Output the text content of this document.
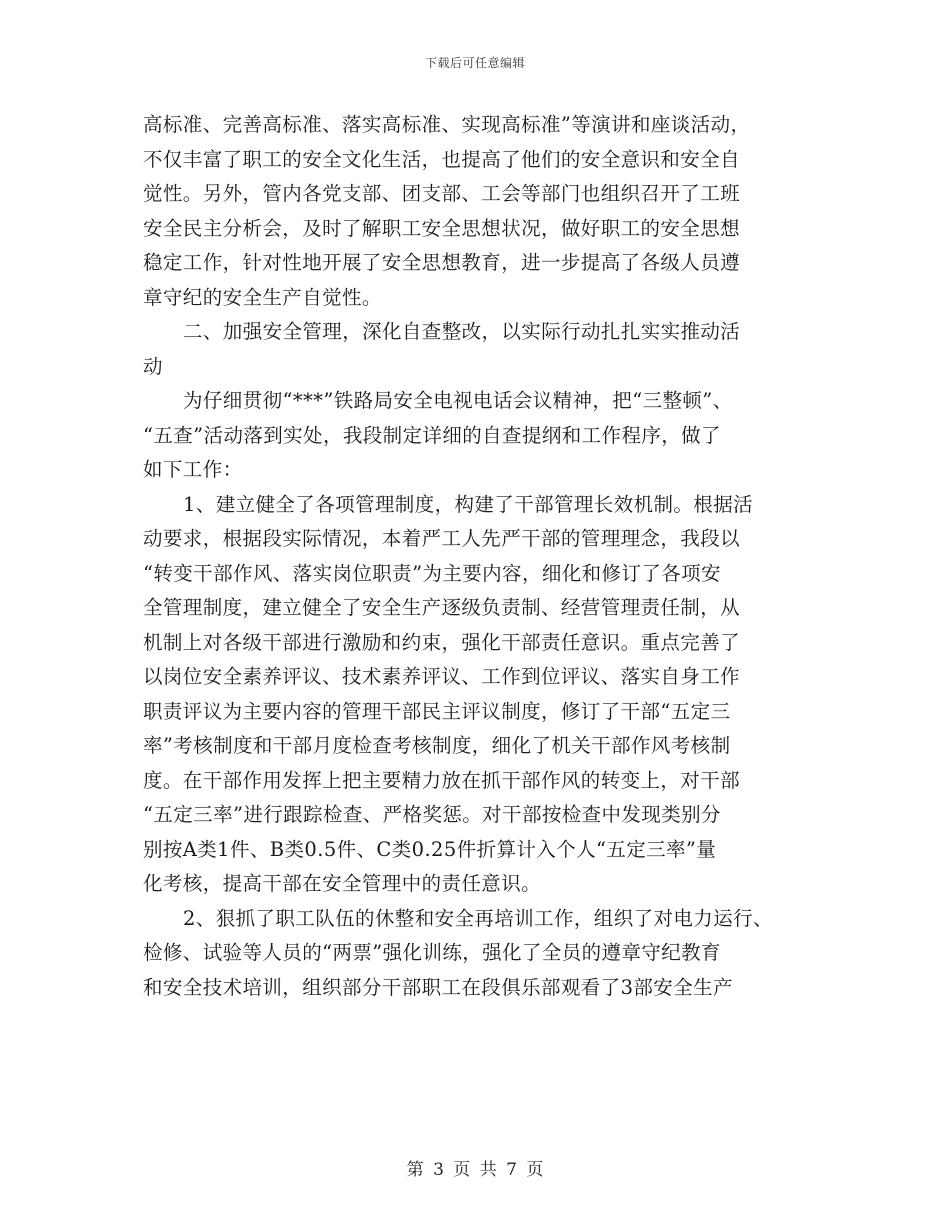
下载后可任意编辑
高标准、完善高标准、落实高标准、实现高标准”等演讲和座谈活动，
不仅丰富了职工的安全文化生活，也提高了他们的安全意识和安全自
觉性。另外，管内各党支部、团支部、工会等部门也组织召开了工班
安全民主分析会，及时了解职工安全思想状况，做好职工的安全思想
稳定工作，针对性地开展了安全思想教育，进一步提高了各级人员遵
章守纪的安全生产自觉性。
二、加强安全管理，深化自查整改，以实际行动扎扎实实推动活
动
为仔细贯彻“***”铁路局安全电视电话会议精神，把“三整顿”、
“五查”活动落到实处，我段制定详细的自查提纲和工作程序，做了
如下工作：
1、建立健全了各项管理制度，构建了干部管理长效机制。根据活
动要求，根据段实际情况，本着严工人先严干部的管理理念，我段以
“转变干部作风、落实岗位职责”为主要内容，细化和修订了各项安
全管理制度，建立健全了安全生产逐级负责制、经营管理责任制，从
机制上对各级干部进行激励和约束，强化干部责任意识。重点完善了
以岗位安全素养评议、技术素养评议、工作到位评议、落实自身工作
职责评议为主要内容的管理干部民主评议制度，修订了干部“五定三
率”考核制度和干部月度检查考核制度，细化了机关干部作风考核制
度。在干部作用发挥上把主要精力放在抓干部作风的转变上，对干部
“五定三率”进行跟踪检查、严格奖惩。对干部按检查中发现类别分
别按A类1件、B类0.5件、C类0.25件折算计入个人“五定三率”量
化考核，提高干部在安全管理中的责任意识。
2、狠抓了职工队伍的休整和安全再培训工作，组织了对电力运行、
检修、试验等人员的“两票”强化训练，强化了全员的遵章守纪教育
和安全技术培训，组织部分干部职工在段俱乐部观看了3部安全生产
第 3 页 共 7 页
